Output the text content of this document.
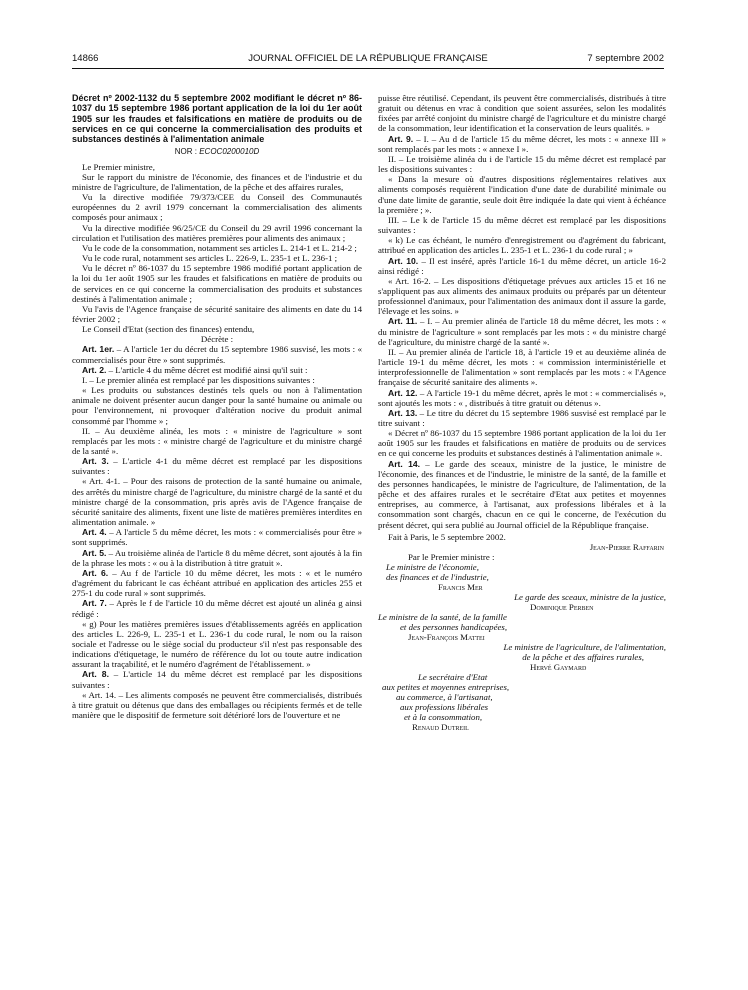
14866	JOURNAL OFFICIEL DE LA RÉPUBLIQUE FRANÇAISE	7 septembre 2002
Décret nº 2002-1132 du 5 septembre 2002 modifiant le décret nº 86-1037 du 15 septembre 1986 portant application de la loi du 1er août 1905 sur les fraudes et falsifications en matière de produits ou de services en ce qui concerne la commercialisation des produits et substances destinés à l'alimentation animale
NOR : ECOC0200010D

Le Premier ministre,

Sur le rapport du ministre de l'économie, des finances et de l'industrie et du ministre de l'agriculture, de l'alimentation, de la pêche et des affaires rurales,

Vu la directive modifiée 79/373/CEE du Conseil des Communautés européennes du 2 avril 1979 concernant la commercialisation des aliments composés pour animaux ;

Vu la directive modifiée 96/25/CE du Conseil du 29 avril 1996 concernant la circulation et l'utilisation des matières premières pour aliments des animaux ;

Vu le code de la consommation, notamment ses articles L. 214-1 et L. 214-2 ;

Vu le code rural, notamment ses articles L. 226-9, L. 235-1 et L. 236-1 ;

Vu le décret nº 86-1037 du 15 septembre 1986 modifié portant application de la loi du 1er août 1905 sur les fraudes et falsifications en matière de produits ou de services en ce qui concerne la commercialisation des produits et substances destinés à l'alimentation animale ;

Vu l'avis de l'Agence française de sécurité sanitaire des aliments en date du 14 février 2002 ;

Le Conseil d'Etat (section des finances) entendu,

Décrète :

Art. 1er. – A l'article 1er du décret du 15 septembre 1986 susvisé, les mots : « commercialisés pour être » sont supprimés.

Art. 2. – L'article 4 du même décret est modifié ainsi qu'il suit :

I. – Le premier alinéa est remplacé par les dispositions suivantes :

« Les produits ou substances destinés tels quels ou non à l'alimentation animale ne doivent présenter aucun danger pour la santé humaine ou animale ou pour l'environnement, ni provoquer d'altération nocive du produit animal consommé par l'homme » ;

II. – Au deuxième alinéa, les mots : « ministre de l'agriculture » sont remplacés par les mots : « ministre chargé de l'agriculture et du ministre chargé de la santé ».

Art. 3. – L'article 4-1 du même décret est remplacé par les dispositions suivantes :

« Art. 4-1. – Pour des raisons de protection de la santé humaine ou animale, des arrêtés du ministre chargé de l'agriculture, du ministre chargé de la santé et du ministre chargé de la consommation, pris après avis de l'Agence française de sécurité sanitaire des aliments, fixent une liste de matières premières interdites en alimentation animale. »

Art. 4. – A l'article 5 du même décret, les mots : « commercialisés pour être » sont supprimés.

Art. 5. – Au troisième alinéa de l'article 8 du même décret, sont ajoutés à la fin de la phrase les mots : « ou à la distribution à titre gratuit ».

Art. 6. – Au f de l'article 10 du même décret, les mots : « et le numéro d'agrément du fabricant le cas échéant attribué en application des articles 255 et 275-1 du code rural » sont supprimés.

Art. 7. – Après le f de l'article 10 du même décret est ajouté un alinéa g ainsi rédigé :

« g) Pour les matières premières issues d'établissements agréés en application des articles L. 226-9, L. 235-1 et L. 236-1 du code rural, le nom ou la raison sociale et l'adresse ou le siège social du producteur s'il n'est pas responsable des indications d'étiquetage, le numéro de référence du lot ou toute autre indication assurant la traçabilité, et le numéro d'agrément de l'établissement. »

Art. 8. – L'article 14 du même décret est remplacé par les dispositions suivantes :

« Art. 14. – Les aliments composés ne peuvent être commercialisés, distribués à titre gratuit ou détenus que dans des emballages ou récipients fermés et de telle manière que le dispositif de fermeture soit détérioré lors de l'ouverture et ne

puisse être réutilisé. Cependant, ils peuvent être commercialisés, distribués à titre gratuit ou détenus en vrac à condition que soient assurées, selon les modalités fixées par arrêté conjoint du ministre chargé de l'agriculture et du ministre chargé de la consommation, leur identification et la conservation de leurs qualités. »

Art. 9. – I. – Au d de l'article 15 du même décret, les mots : « annexe III » sont remplacés par les mots : « annexe I ».

II. – Le troisième alinéa du i de l'article 15 du même décret est remplacé par les dispositions suivantes :

« Dans la mesure où d'autres dispositions réglementaires relatives aux aliments composés requièrent l'indication d'une date de durabilité minimale ou d'une date limite de garantie, seule doit être indiquée la date qui vient à échéance la première ; ».

III. – Le k de l'article 15 du même décret est remplacé par les dispositions suivantes :

« k) Le cas échéant, le numéro d'enregistrement ou d'agrément du fabricant, attribué en application des articles L. 235-1 et L. 236-1 du code rural ; »

Art. 10. – Il est inséré, après l'article 16-1 du même décret, un article 16-2 ainsi rédigé :

« Art. 16-2. – Les dispositions d'étiquetage prévues aux articles 15 et 16 ne s'appliquent pas aux aliments des animaux produits ou préparés par un détenteur professionnel d'animaux, pour l'alimentation des animaux dont il assure la garde, l'élevage et les soins. »

Art. 11. – I. – Au premier alinéa de l'article 18 du même décret, les mots : « du ministre de l'agriculture » sont remplacés par les mots : « du ministre chargé de l'agriculture, du ministre chargé de la santé ».

II. – Au premier alinéa de l'article 18, à l'article 19 et au deuxième alinéa de l'article 19-1 du même décret, les mots : « commission interministérielle et interprofessionnelle de l'alimentation » sont remplacés par les mots : « l'Agence française de sécurité sanitaire des aliments ».

Art. 12. – A l'article 19-1 du même décret, après le mot : « commercialisés », sont ajoutés les mots : « , distribués à titre gratuit ou détenus ».

Art. 13. – Le titre du décret du 15 septembre 1986 susvisé est remplacé par le titre suivant :

« Décret nº 86-1037 du 15 septembre 1986 portant application de la loi du 1er août 1905 sur les fraudes et falsifications en matière de produits ou de services en ce qui concerne les produits et substances destinés à l'alimentation animale ».

Art. 14. – Le garde des sceaux, ministre de la justice, le ministre de l'économie, des finances et de l'industrie, le ministre de la santé, de la famille et des personnes handicapées, le ministre de l'agriculture, de l'alimentation, de la pêche et des affaires rurales et le secrétaire d'Etat aux petites et moyennes entreprises, au commerce, à l'artisanat, aux professions libérales et à la consommation sont chargés, chacun en ce qui le concerne, de l'exécution du présent décret, qui sera publié au Journal officiel de la République française.

Fait à Paris, le 5 septembre 2002.

Jean-Pierre Raffarin
Par le Premier ministre :
Le ministre de l'économie,
des finances et de l'industrie,
Francis Mer
Le garde des sceaux, ministre de la justice,
Dominique Perben
Le ministre de la santé, de la famille
et des personnes handicapées,
Jean-François Mattei
Le ministre de l'agriculture, de l'alimentation,
de la pêche et des affaires rurales,
Hervé Gaymard
Le secrétaire d'Etat
aux petites et moyennes entreprises,
au commerce, à l'artisanat,
aux professions libérales
et à la consommation,
Renaud Dutreil
